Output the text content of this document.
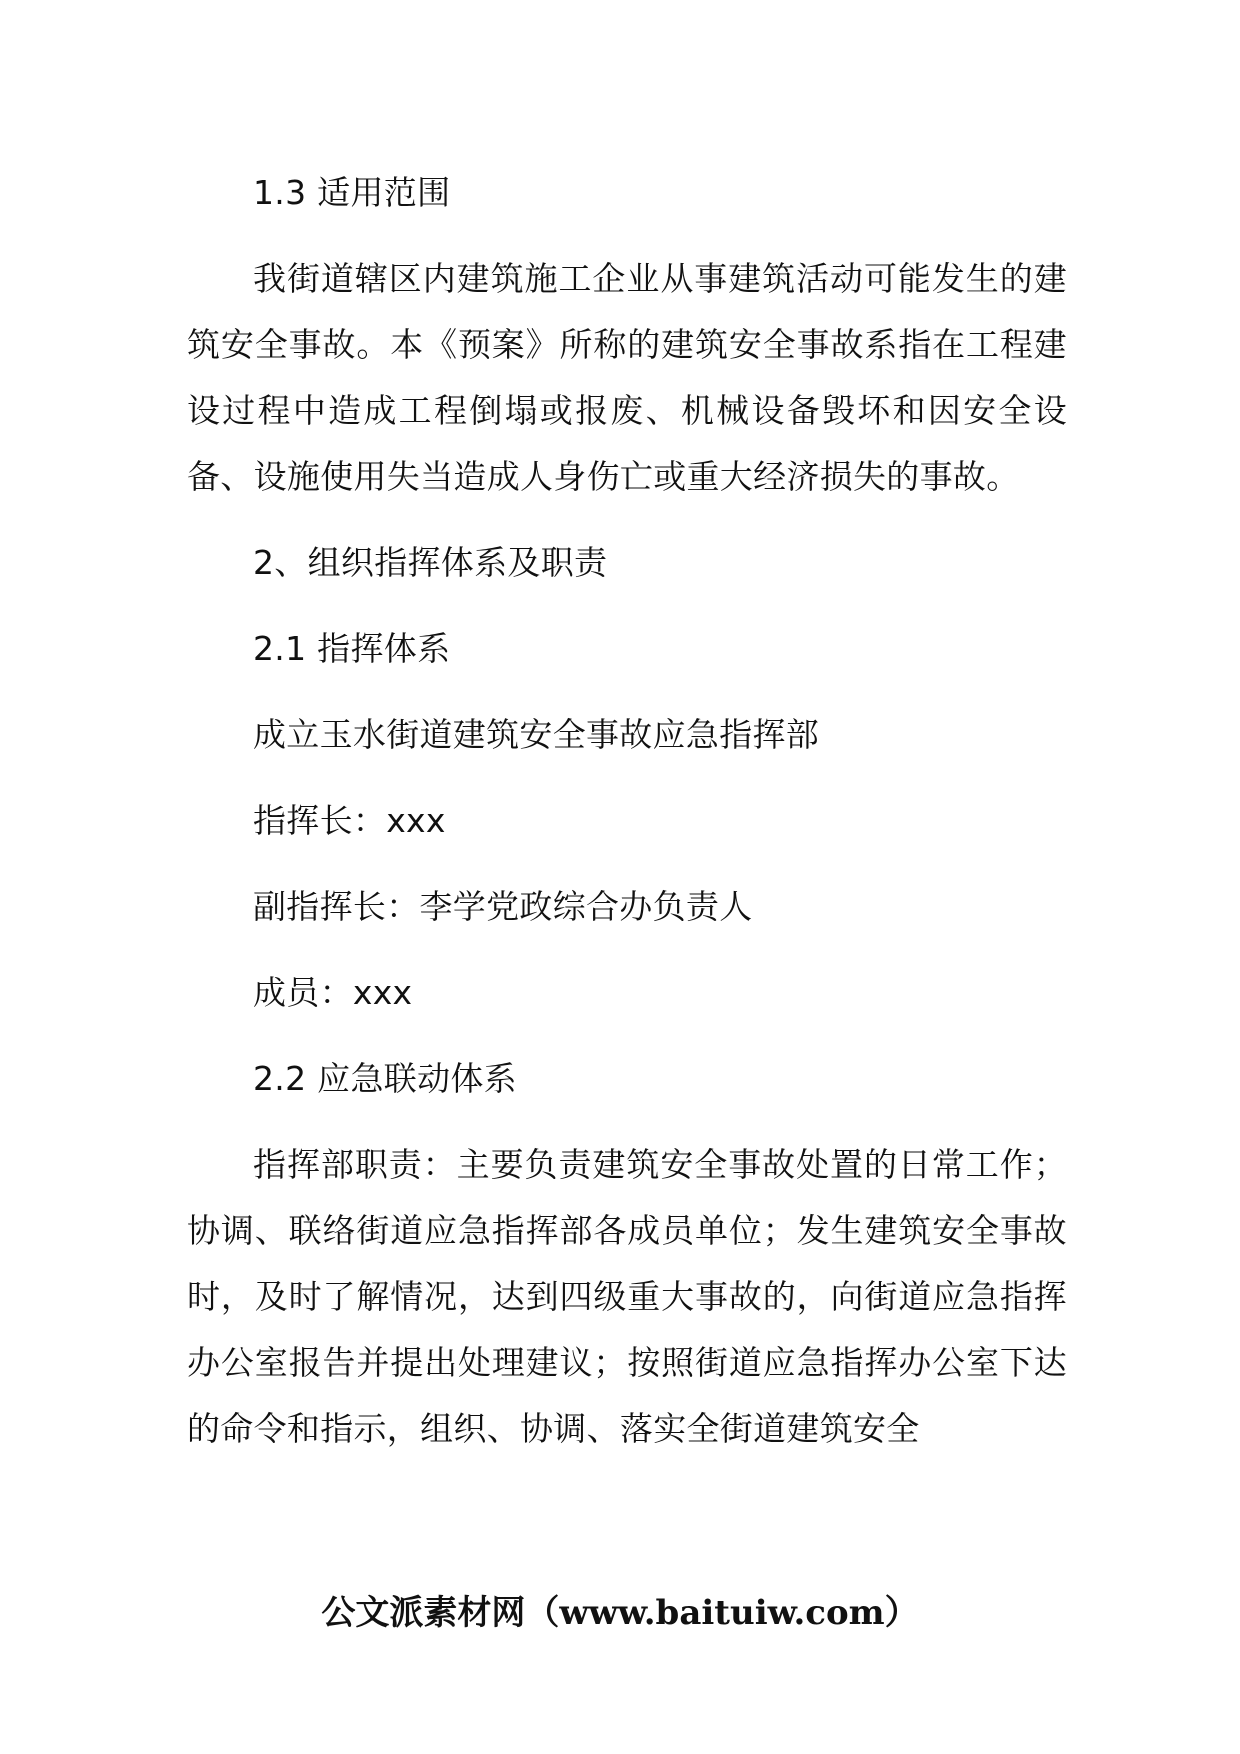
1.3 适用范围

我街道辖区内建筑施工企业从事建筑活动可能发生的建筑安全事故。本《预案》所称的建筑安全事故系指在工程建设过程中造成工程倒塌或报废、机械设备毁坏和因安全设备、设施使用失当造成人身伤亡或重大经济损失的事故。

2、组织指挥体系及职责

2.1 指挥体系

成立玉水街道建筑安全事故应急指挥部

指挥长：xxx

副指挥长：李学党政综合办负责人

成员：xxx

2.2 应急联动体系

指挥部职责：主要负责建筑安全事故处置的日常工作；协调、联络街道应急指挥部各成员单位；发生建筑安全事故时，及时了解情况，达到四级重大事故的，向街道应急指挥办公室报告并提出处理建议；按照街道应急指挥办公室下达的命令和指示，组织、协调、落实全街道建筑安全

公文派素材网（www.baituiw.com）
